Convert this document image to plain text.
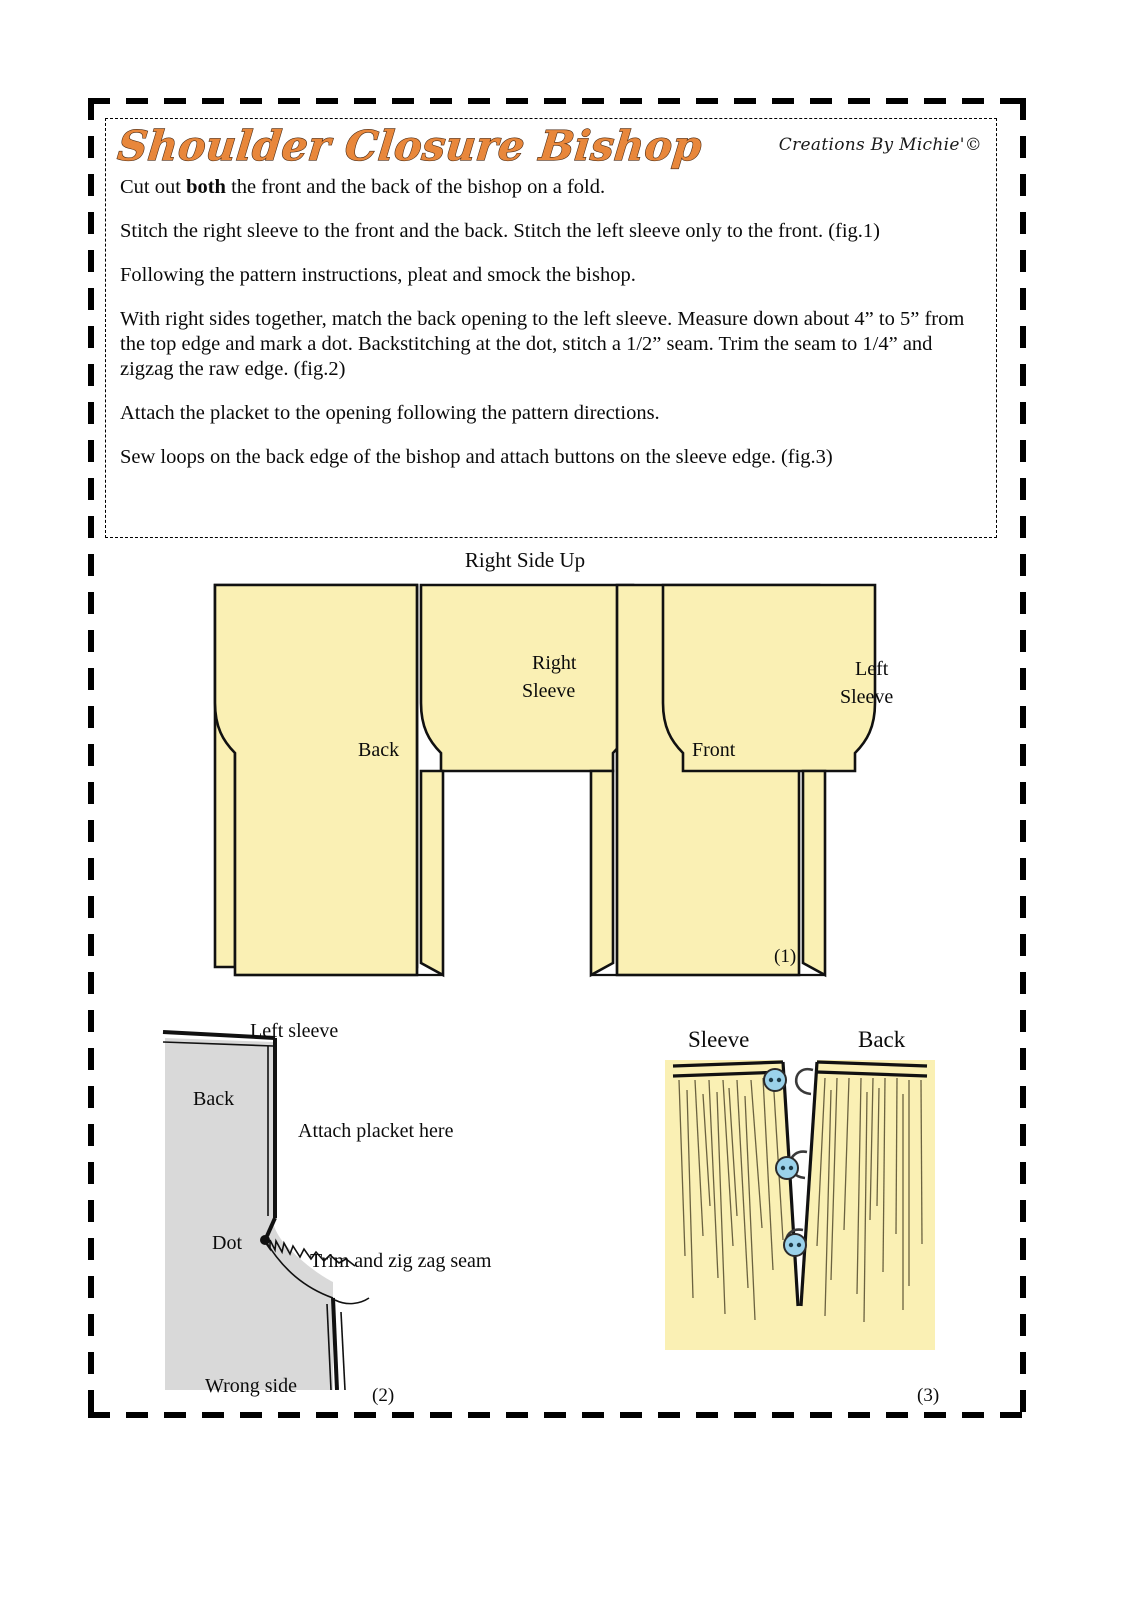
Shoulder Closure Bishop	Creations By Michie'©

Cut out both the front and the back of the bishop on a fold.

Stitch the right sleeve to the front and the back. Stitch the left sleeve only to the front. (fig.1)

Following the pattern instructions, pleat and smock the bishop.

With right sides together, match the back opening to the left sleeve. Measure down about 4” to 5” from the top edge and mark a dot. Backstitching at the dot, stitch a 1/2” seam. Trim the seam to 1/4” and zigzag the raw edge. (fig.2)

Attach the placket to the opening following the pattern directions.

Sew loops on the back edge of the bishop and attach buttons on the sleeve edge. (fig.3)

Right Side Up
Back
Right
Sleeve
Front
Left
Sleeve
(1)
Left sleeve
Back
Attach placket here
Dot
Trim and zig zag seam
Wrong side	(2)
Sleeve	Back
(3)
